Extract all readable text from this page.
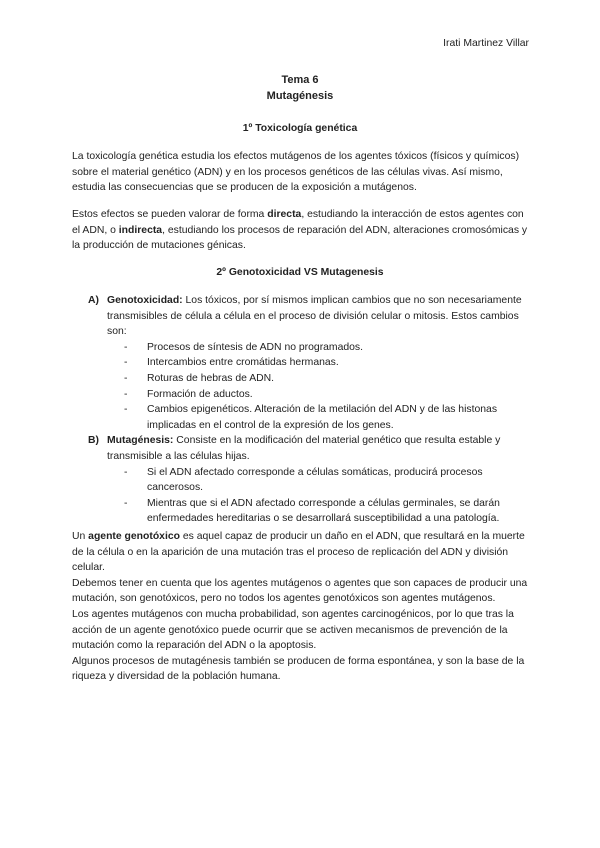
Irati Martinez Villar
Tema 6
Mutagénesis
1º Toxicología genética

La toxicología genética estudia los efectos mutágenos de los agentes tóxicos (físicos y químicos) sobre el material genético (ADN) y en los procesos genéticos de las células vivas. Así mismo, estudia las consecuencias que se producen de la exposición a mutágenos.

Estos efectos se pueden valorar de forma directa, estudiando la interacción de estos agentes con el ADN, o indirecta, estudiando los procesos de reparación del ADN, alteraciones cromosómicas y la producción de mutaciones génicas.

2º Genotoxicidad VS Mutagenesis
A) Genotoxicidad: Los tóxicos, por sí mismos implican cambios que no son necesariamente transmisibles de célula a célula en el proceso de división celular o mitosis. Estos cambios son:
- Procesos de síntesis de ADN no programados.
- Intercambios entre cromátidas hermanas.
- Roturas de hebras de ADN.
- Formación de aductos.
- Cambios epigenéticos. Alteración de la metilación del ADN y de las histonas implicadas en el control de la expresión de los genes.
B) Mutagénesis: Consiste en la modificación del material genético que resulta estable y transmisible a las células hijas.
- Si el ADN afectado corresponde a células somáticas, producirá procesos cancerosos.
- Mientras que si el ADN afectado corresponde a células germinales, se darán enfermedades hereditarias o se desarrollará susceptibilidad a una patología.
Un agente genotóxico es aquel capaz de producir un daño en el ADN, que resultará en la muerte de la célula o en la aparición de una mutación tras el proceso de replicación del ADN y división celular.
Debemos tener en cuenta que los agentes mutágenos o agentes que son capaces de producir una mutación, son genotóxicos, pero no todos los agentes genotóxicos son agentes mutágenos.
Los agentes mutágenos con mucha probabilidad, son agentes carcinogénicos, por lo que tras la acción de un agente genotóxico puede ocurrir que se activen mecanismos de prevención de la mutación como la reparación del ADN o la apoptosis.
Algunos procesos de mutagénesis también se producen de forma espontánea, y son la base de la riqueza y diversidad de la población humana.
